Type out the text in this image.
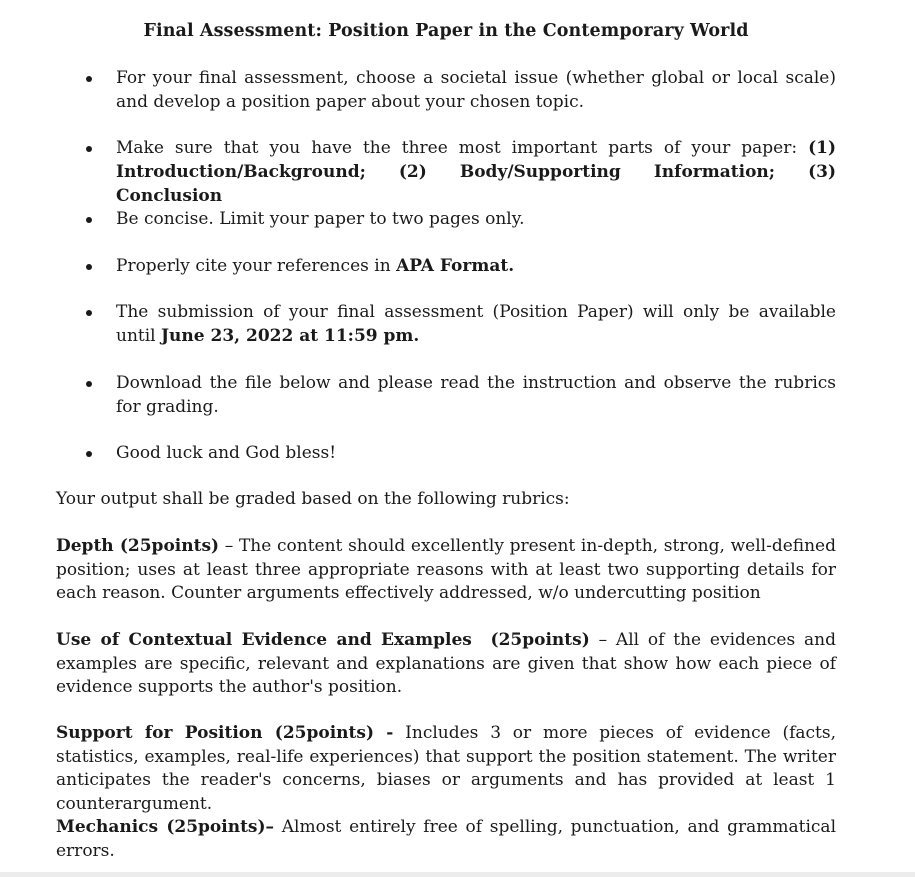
Final Assessment: Position Paper in the Contemporary World
For your final assessment, choose a societal issue (whether global or local scale) and develop a position paper about your chosen topic.
Make sure that you have the three most important parts of your paper: (1) Introduction/Background; (2) Body/Supporting Information; (3) Conclusion
Be concise. Limit your paper to two pages only.
Properly cite your references in APA Format.
The submission of your final assessment (Position Paper) will only be available until June 23, 2022 at 11:59 pm.
Download the file below and please read the instruction and observe the rubrics for grading.
Good luck and God bless!
Your output shall be graded based on the following rubrics:
Depth (25points) – The content should excellently present in-depth, strong, well-defined position; uses at least three appropriate reasons with at least two supporting details for each reason. Counter arguments effectively addressed, w/o undercutting position
Use of Contextual Evidence and Examples  (25points) – All of the evidences and examples are specific, relevant and explanations are given that show how each piece of evidence supports the author's position.
Support for Position (25points) - Includes 3 or more pieces of evidence (facts, statistics, examples, real-life experiences) that support the position statement. The writer anticipates the reader's concerns, biases or arguments and has provided at least 1 counterargument.
Mechanics (25points)– Almost entirely free of spelling, punctuation, and grammatical errors.
